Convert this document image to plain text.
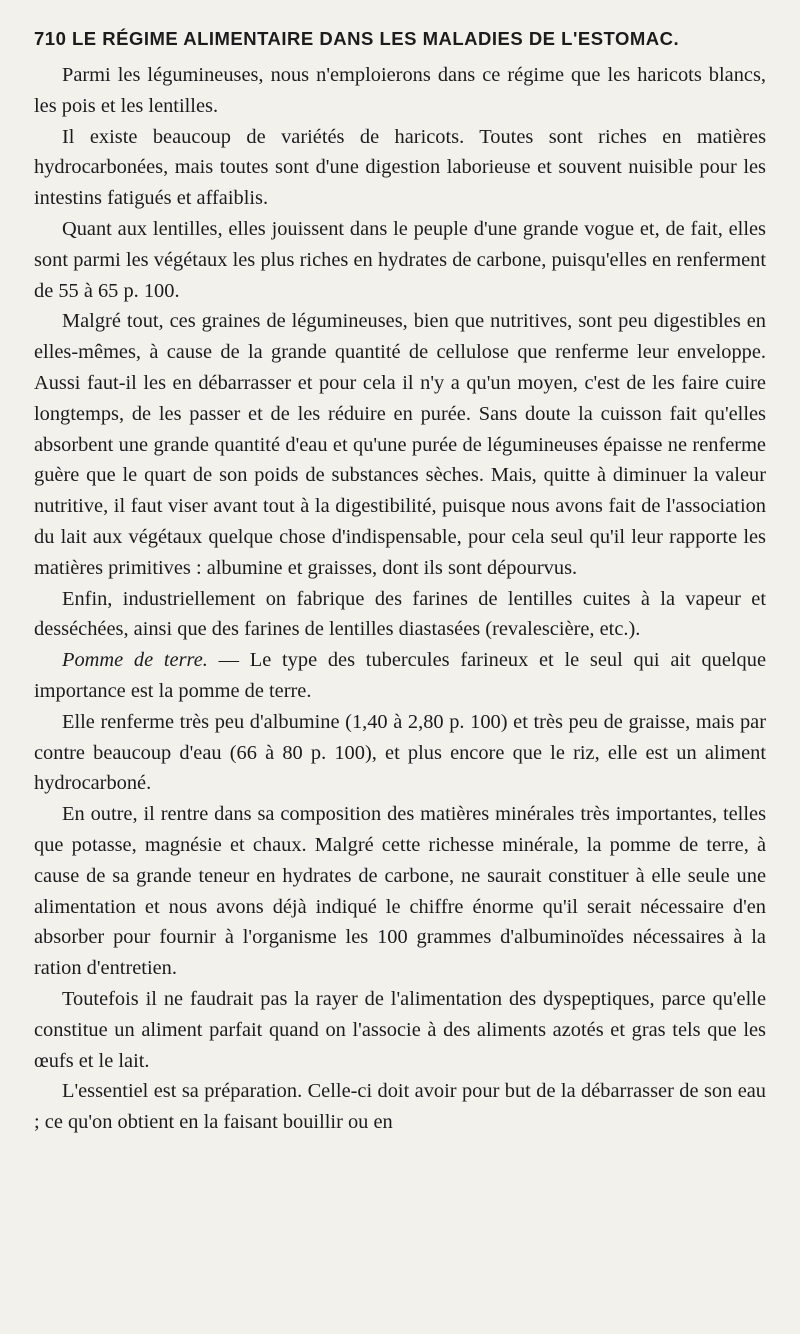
710 LE RÉGIME ALIMENTAIRE DANS LES MALADIES DE L'ESTOMAC.

Parmi les légumineuses, nous n'emploierons dans ce régime que les haricots blancs, les pois et les lentilles.

Il existe beaucoup de variétés de haricots. Toutes sont riches en matières hydrocarbonées, mais toutes sont d'une digestion laborieuse et souvent nuisible pour les intestins fatigués et affaiblis.

Quant aux lentilles, elles jouissent dans le peuple d'une grande vogue et, de fait, elles sont parmi les végétaux les plus riches en hydrates de carbone, puisqu'elles en renferment de 55 à 65 p. 100.

Malgré tout, ces graines de légumineuses, bien que nutritives, sont peu digestibles en elles-mêmes, à cause de la grande quantité de cellulose que renferme leur enveloppe. Aussi faut-il les en débarrasser et pour cela il n'y a qu'un moyen, c'est de les faire cuire longtemps, de les passer et de les réduire en purée. Sans doute la cuisson fait qu'elles absorbent une grande quantité d'eau et qu'une purée de légumineuses épaisse ne renferme guère que le quart de son poids de substances sèches. Mais, quitte à diminuer la valeur nutritive, il faut viser avant tout à la digestibilité, puisque nous avons fait de l'association du lait aux végétaux quelque chose d'indispensable, pour cela seul qu'il leur rapporte les matières primitives : albumine et graisses, dont ils sont dépourvus.

Enfin, industriellement on fabrique des farines de lentilles cuites à la vapeur et desséchées, ainsi que des farines de lentilles diastasées (revalescière, etc.).

Pomme de terre. — Le type des tubercules farineux et le seul qui ait quelque importance est la pomme de terre.

Elle renferme très peu d'albumine (1,40 à 2,80 p. 100) et très peu de graisse, mais par contre beaucoup d'eau (66 à 80 p. 100), et plus encore que le riz, elle est un aliment hydrocarboné.

En outre, il rentre dans sa composition des matières minérales très importantes, telles que potasse, magnésie et chaux. Malgré cette richesse minérale, la pomme de terre, à cause de sa grande teneur en hydrates de carbone, ne saurait constituer à elle seule une alimentation et nous avons déjà indiqué le chiffre énorme qu'il serait nécessaire d'en absorber pour fournir à l'organisme les 100 grammes d'albuminoïdes nécessaires à la ration d'entretien.

Toutefois il ne faudrait pas la rayer de l'alimentation des dyspeptiques, parce qu'elle constitue un aliment parfait quand on l'associe à des aliments azotés et gras tels que les œufs et le lait.

L'essentiel est sa préparation. Celle-ci doit avoir pour but de la débarrasser de son eau ; ce qu'on obtient en la faisant bouillir ou en
